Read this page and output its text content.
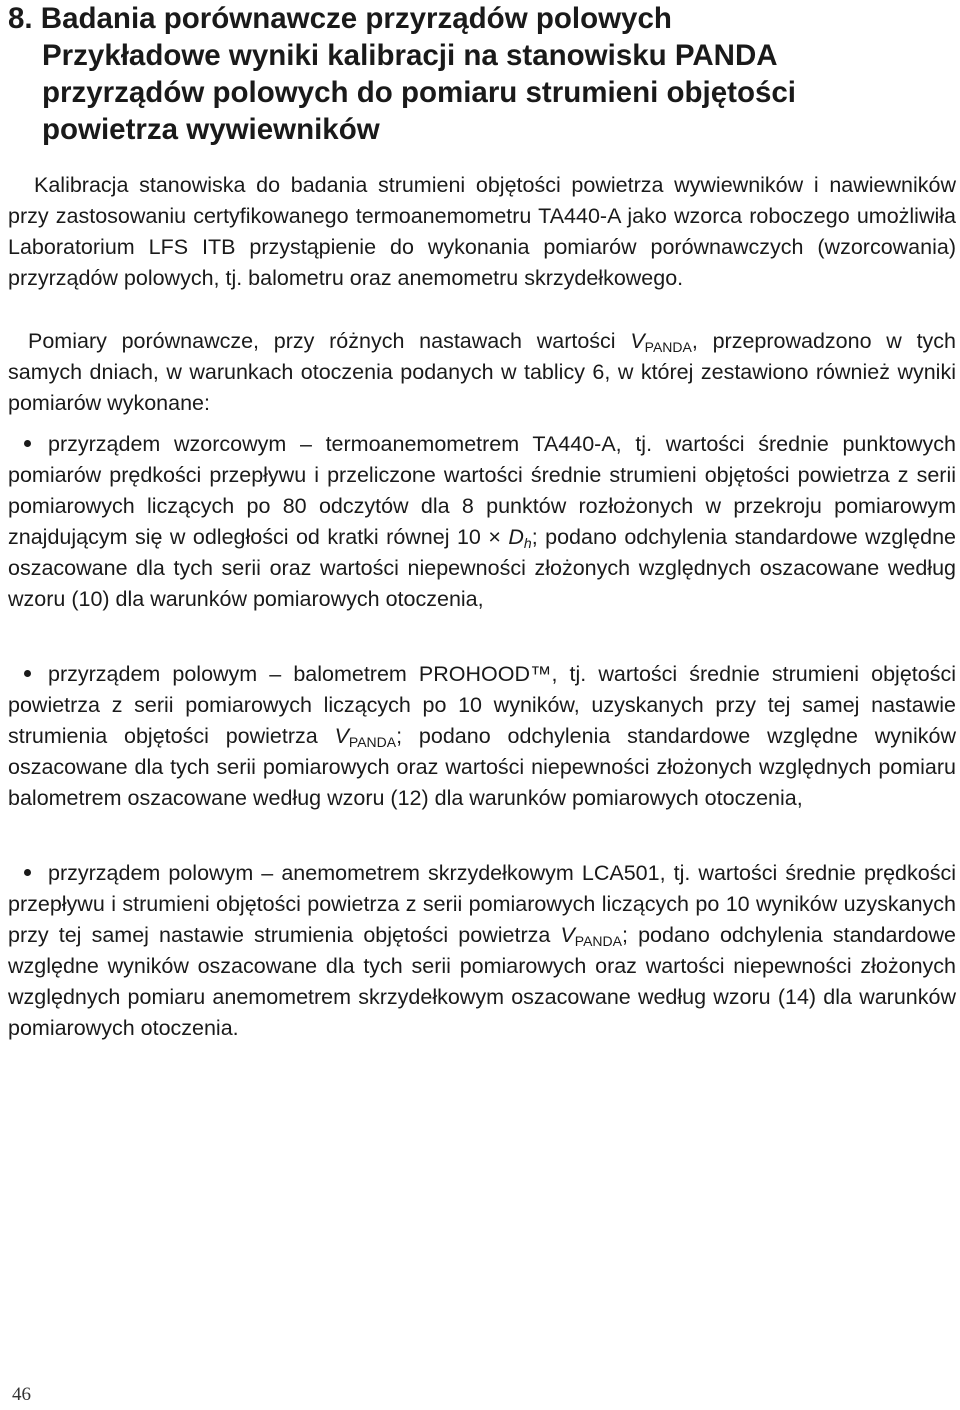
8. Badania porównawcze przyrządów polowych
Przykładowe wyniki kalibracji na stanowisku PANDA
przyrządów polowych do pomiaru strumieni objętości
powietrza wywiewników

Kalibracja stanowiska do badania strumieni objętości powietrza wywiewników i nawiewników przy zastosowaniu certyfikowanego termoanemometru TA440-A jako wzorca roboczego umożliwiła Laboratorium LFS ITB przystąpienie do wykonania pomiarów porównawczych (wzorcowania) przyrządów polowych, tj. balometru oraz anemometru skrzydełkowego.

Pomiary porównawcze, przy różnych nastawach wartości $V_{PANDA}$, przeprowadzono w tych samych dniach, w warunkach otoczenia podanych w tablicy 6, w której zestawiono również wyniki pomiarów wykonane:

przyrządem wzorcowym – termoanemometrem TA440-A, tj. wartości średnie punktowych pomiarów prędkości przepływu i przeliczone wartości średnie strumieni objętości powietrza z serii pomiarowych liczących po 80 odczytów dla 8 punktów rozłożonych w przekroju pomiarowym znajdującym się w odległości od kratki równej $10 \times D_h$; podano odchylenia standardowe względne oszacowane dla tych serii oraz wartości niepewności złożonych względnych oszacowane według wzoru (10) dla warunków pomiarowych otoczenia,

przyrządem polowym – balometrem PROHOOD™, tj. wartości średnie strumieni objętości powietrza z serii pomiarowych liczących po 10 wyników, uzyskanych przy tej samej nastawie strumienia objętości powietrza $V_{PANDA}$; podano odchylenia standardowe względne wyników oszacowane dla tych serii pomiarowych oraz wartości niepewności złożonych względnych pomiaru balometrem oszacowane według wzoru (12) dla warunków pomiarowych otoczenia,

przyrządem polowym – anemometrem skrzydełkowym LCA501, tj. wartości średnie prędkości przepływu i strumieni objętości powietrza z serii pomiarowych liczących po 10 wyników uzyskanych przy tej samej nastawie strumienia objętości powietrza $V_{PANDA}$; podano odchylenia standardowe względne wyników oszacowane dla tych serii pomiarowych oraz wartości niepewności złożonych względnych pomiaru anemometrem skrzydełkowym oszacowane według wzoru (14) dla warunków pomiarowych otoczenia.

46
